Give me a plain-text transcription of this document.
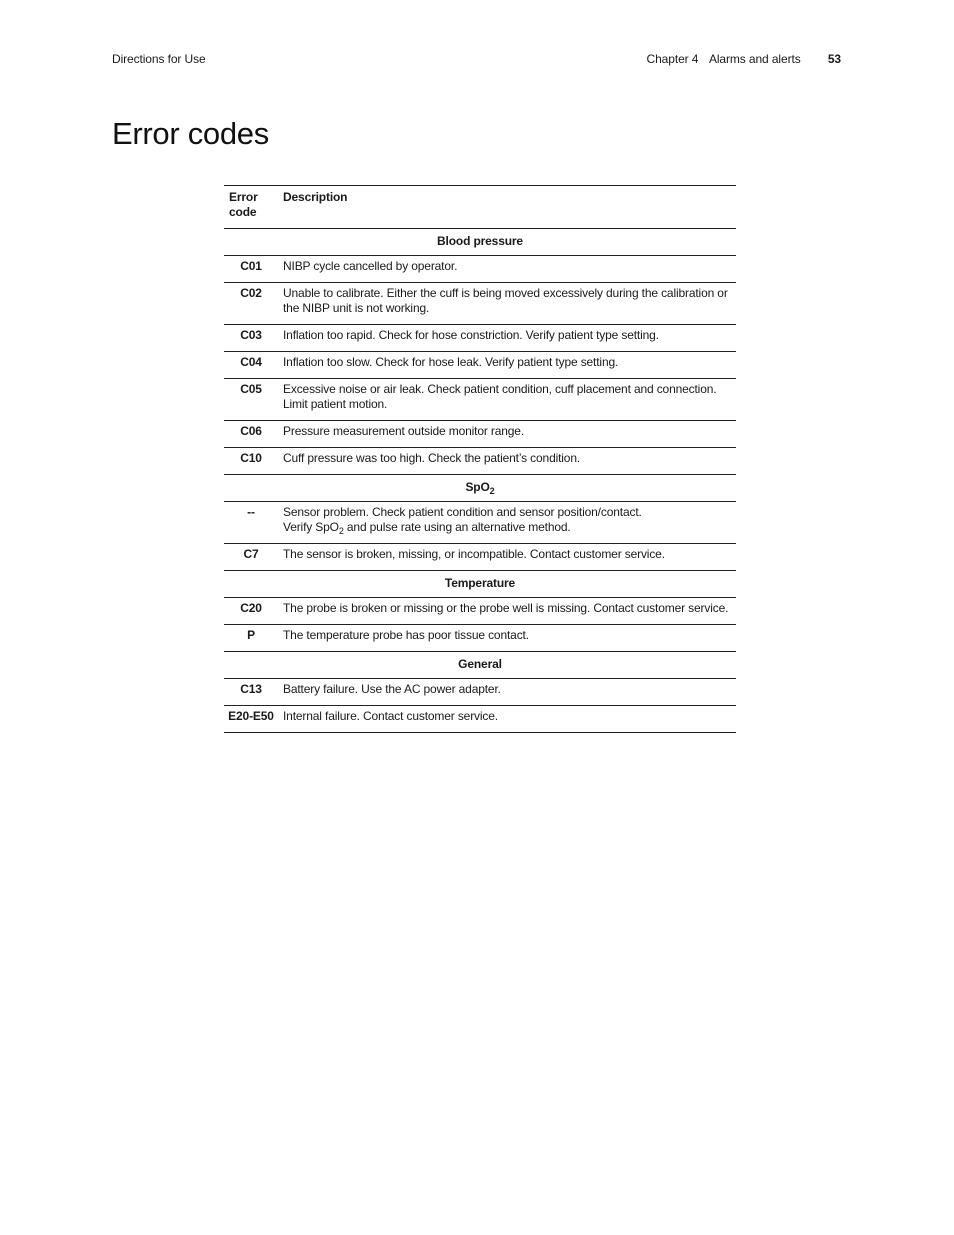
Directions for Use	Chapter 4 Alarms and alerts 53
Error codes
Error code	Description
Blood pressure	
C01	NIBP cycle cancelled by operator.
C02	Unable to calibrate. Either the cuff is being moved excessively during the calibration or the NIBP unit is not working.
C03	Inflation too rapid. Check for hose constriction. Verify patient type setting.
C04	Inflation too slow. Check for hose leak. Verify patient type setting.
C05	Excessive noise or air leak. Check patient condition, cuff placement and connection. Limit patient motion.
C06	Pressure measurement outside monitor range.
C10	Cuff pressure was too high. Check the patient’s condition.
SpO$_2$
--	Sensor problem. Check patient condition and sensor position/contact.
Verify SpO$_2$ and pulse rate using an alternative method.
C7	The sensor is broken, missing, or incompatible. Contact customer service.
Temperature	
C20	The probe is broken or missing or the probe well is missing. Contact customer service.
P	The temperature probe has poor tissue contact.
General	
C13	Battery failure. Use the AC power adapter.
E20-E50	Internal failure. Contact customer service.
